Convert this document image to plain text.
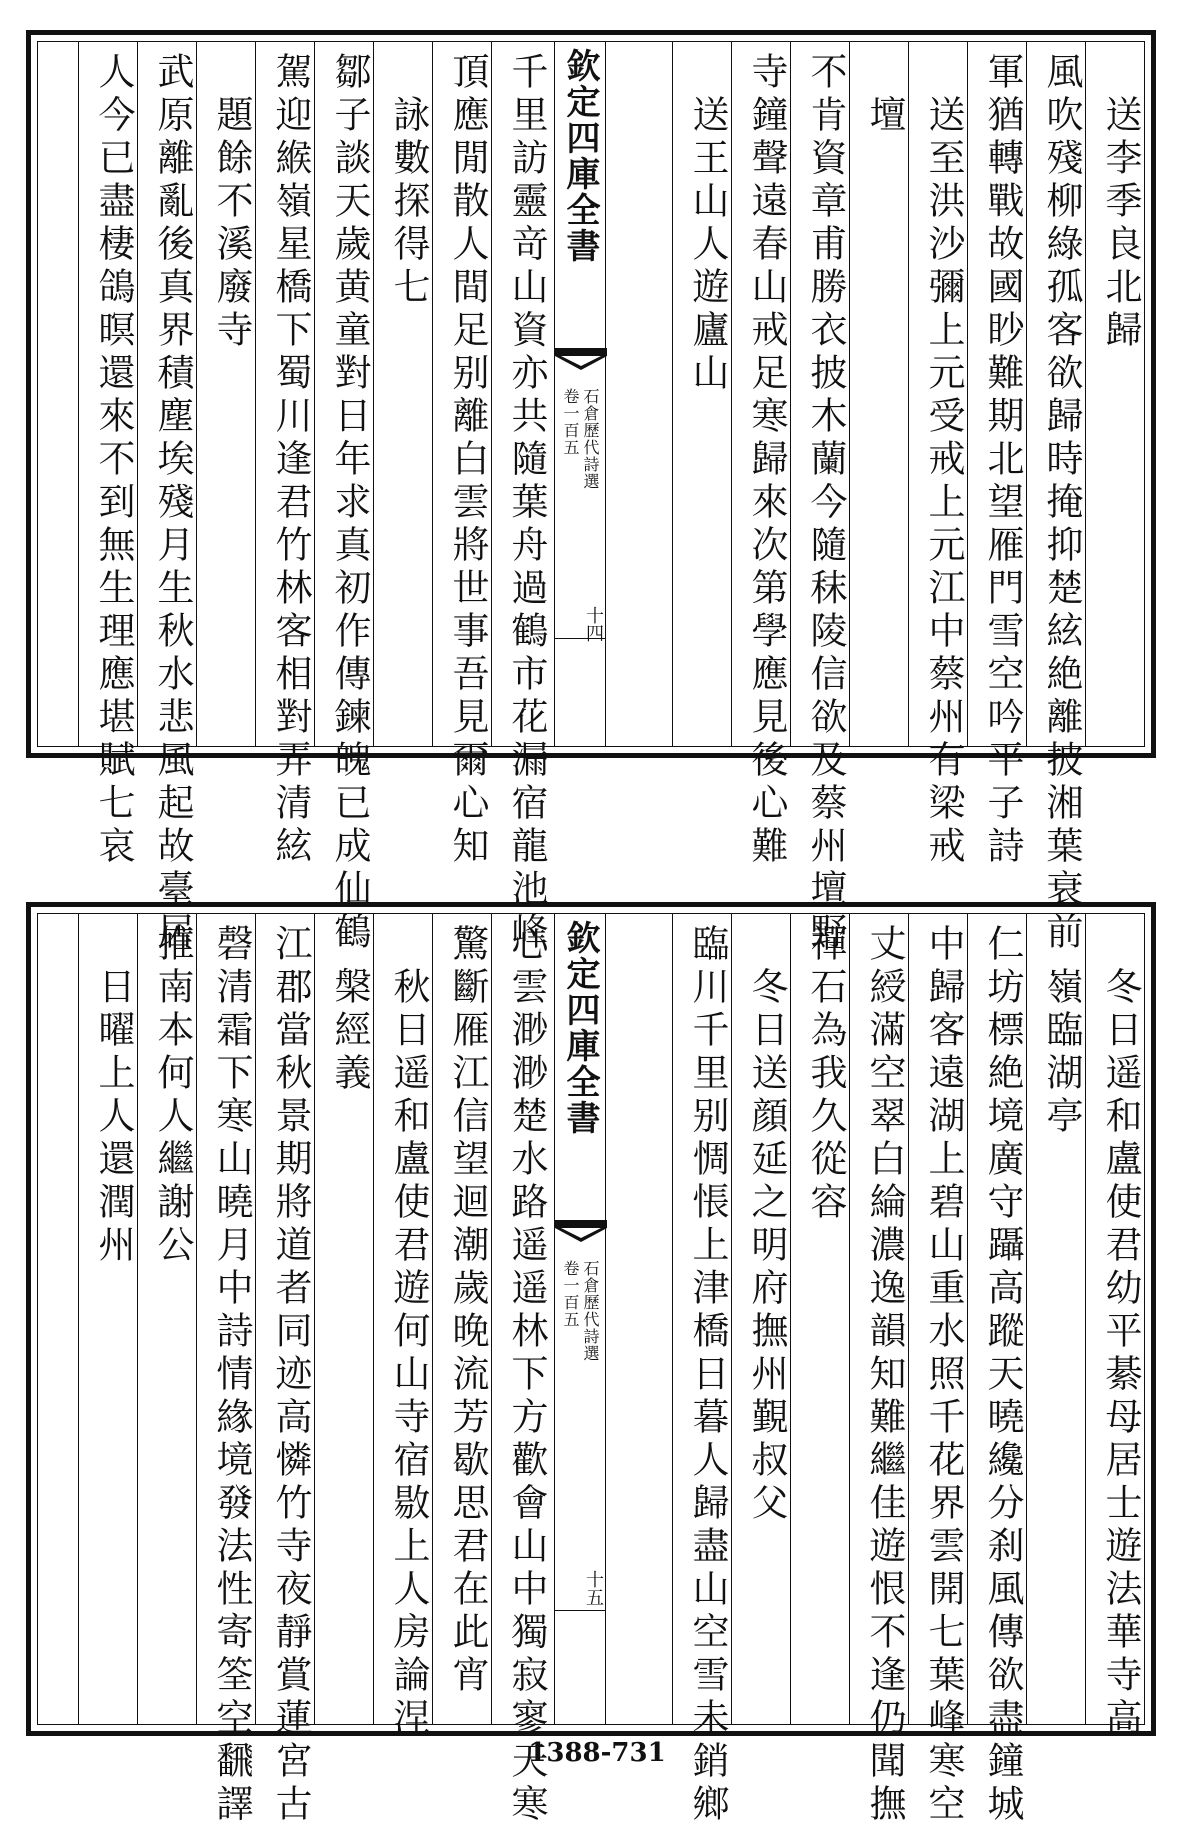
　送李季良北歸
風吹殘柳綠孤客欲歸時掩抑楚絃絶離披湘葉衰前
軍猶轉戰故國眇難期北望雁門雪空吟平子詩
　送至洪沙彌上元受戒上元江中蔡州有梁戒
　壇
不肯資章甫勝衣披木蘭今隨秣陵信欲及蔡州壇野
寺鐘聲遠春山戒足寒歸來次第學應見後心難
　送王山人遊廬山
千里訪靈竒山資亦共隨葉舟過鶴市花漏宿龍池峰
頂應閒散人間足别離白雲將世事吾見爾心知
　詠數探得七
鄒子談天歲黄童對日年求真初作傳鍊魄已成仙鶴
駕迎緱嶺星橋下蜀川逢君竹林客相對弄清絃
　題餘不溪廢寺
武原離亂後真界積塵埃殘月生秋水悲風起故臺居
人今已盡棲鴿暝還來不到無生理應堪賦七哀	欽定四庫全書
石倉歷代詩選
卷一百五
十四
　冬日遥和盧使君幼平綦母居士遊法華寺高
　嶺臨湖亭
仁坊標絶境廣守躡高蹤天曉纔分刹風傳欲盡鐘城
中歸客遠湖上碧山重水照千花界雲開七葉峰寒空
丈綬滿空翠白綸濃逸韻知難繼佳遊恨不逢仍聞撫
禪石為我久從容
　冬日送顔延之明府撫州覲叔父
臨川千里别惆悵上津橋日暮人歸盡山空雪未銷鄉
心雲渺渺楚水路遥遥林下方歡會山中獨寂寥天寒
驚斷雁江信望迴潮歲晚流芳歇思君在此宵
　秋日遥和盧使君遊何山寺宿敭上人房論涅
　槃經義
江郡當秋景期將道者同迹高憐竹寺夜靜賞蓮宮古
磬清霜下寒山曉月中詩情緣境發法性寄筌空飜譯
推南本何人繼謝公
　日曜上人還潤州	欽定四庫全書
石倉歷代詩選
卷一百五
十五
1388-731
